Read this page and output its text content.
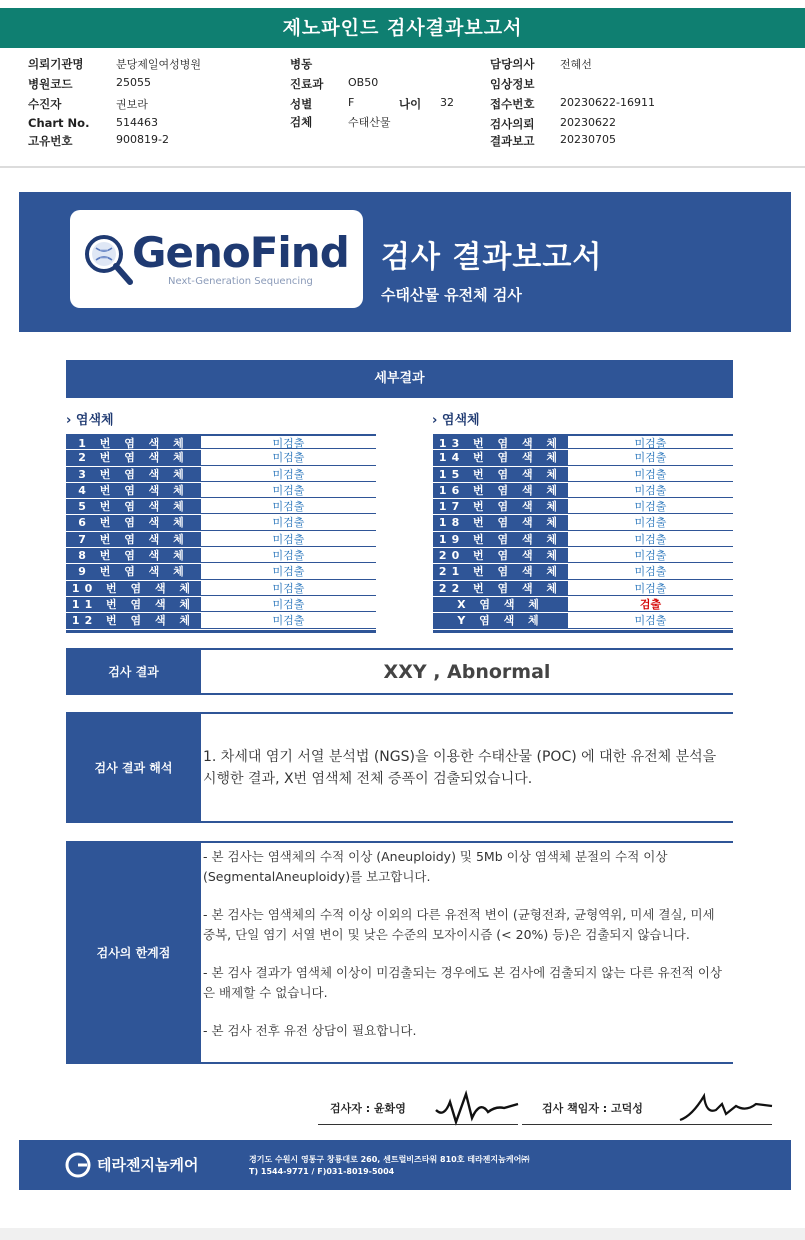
제노파인드 검사결과보고서
의뢰기관명	분당제일여성병원
병원코드	25055
수진자	권보라
Chart No. 514463
고유번호	900819-2
병동
진료과 OB50
성별	F	나이 32
검체	수태산물
담당의사 전혜선
임상정보
접수번호 20230622-16911
검사의뢰 20230622
결과보고 20230705
GenoFind
Next-Generation Sequencing
검사 결과보고서
수태산물 유전체 검사
세부결과
› 염색체	› 염색체
1 번 염 색 체	미검출
2 번 염 색 체	미검출
3 번 염 색 체	미검출
4 번 염 색 체	미검출
5 번 염 색 체	미검출
6 번 염 색 체	미검출
7 번 염 색 체	미검출
8 번 염 색 체	미검출
9 번 염 색 체	미검출
10 번 염 색 체	미검출
11 번 염 색 체	미검출
12 번 염 색 체	미검출
13 번 염 색 체	미검출
14 번 염 색 체	미검출
15 번 염 색 체	미검출
16 번 염 색 체	미검출
17 번 염 색 체	미검출
18 번 염 색 체	미검출
19 번 염 색 체	미검출
20 번 염 색 체	미검출
21 번 염 색 체	미검출
22 번 염 색 체	미검출
X 염 색 체	검출
Y 염 색 체	미검출
검사 결과	XXY , Abnormal
검사 결과 해석
1. 차세대 염기 서열 분석법 (NGS)을 이용한 수태산물 (POC) 에 대한 유전체 분석을 시행한 결과, X번 염색체 전체 증폭이 검출되었습니다.
검사의 한계점

- 본 검사는 염색체의 수적 이상 (Aneuploidy) 및 5Mb 이상 염색체 분절의 수적 이상 (SegmentalAneuploidy)를 보고합니다.

- 본 검사는 염색체의 수적 이상 이외의 다른 유전적 변이 (균형전좌, 균형역위, 미세 결실, 미세 중복, 단일 염기 서열 변이 및 낮은 수준의 모자이시즘 (< 20%) 등)은 검출되지 않습니다.

- 본 검사 결과가 염색체 이상이 미검출되는 경우에도 본 검사에 검출되지 않는 다른 유전적 이상은 배제할 수 없습니다.

- 본 검사 전후 유전 상담이 필요합니다.

검사자 : 윤화영	검사 책임자 : 고덕성
테라젠지놈케어	경기도 수원시 영통구 창룡대로 260, 센트럴비즈타워 810호 테라젠지놈케어㈜
T) 1544-9771 / F)031-8019-5004
